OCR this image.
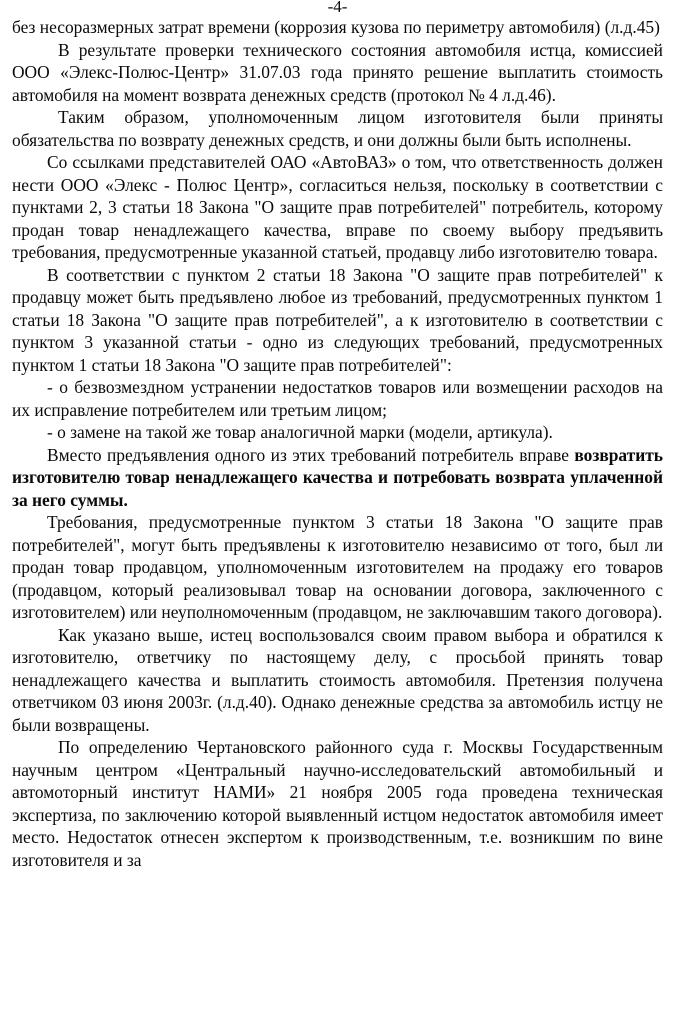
-4-

без несоразмерных затрат времени (коррозия кузова по периметру автомобиля) (л.д.45)

В результате проверки технического состояния автомобиля истца, комиссией ООО «Элекс-Полюс-Центр» 31.07.03 года принято решение выплатить стоимость автомобиля на момент возврата денежных средств (протокол № 4 л.д.46).

Таким образом, уполномоченным лицом изготовителя были приняты обязательства по возврату денежных средств, и они должны были быть исполнены.

Со ссылками представителей ОАО «АвтоВАЗ» о том, что ответственность должен нести ООО «Элекс - Полюс Центр», согласиться нельзя, поскольку в соответствии с пунктами 2, 3 статьи 18 Закона "О защите прав потребителей" потребитель, которому продан товар ненадлежащего качества, вправе по своему выбору предъявить требования, предусмотренные указанной статьей, продавцу либо изготовителю товара.

В соответствии с пунктом 2 статьи 18 Закона "О защите прав потребителей" к продавцу может быть предъявлено любое из требований, предусмотренных пунктом 1 статьи 18 Закона "О защите прав потребителей", а к изготовителю в соответствии с пунктом 3 указанной статьи - одно из следующих требований, предусмотренных пунктом 1 статьи 18 Закона "О защите прав потребителей":

- о безвозмездном устранении недостатков товаров или возмещении расходов на их исправление потребителем или третьим лицом;

- о замене на такой же товар аналогичной марки (модели, артикула).

Вместо предъявления одного из этих требований потребитель вправе возвратить изготовителю товар ненадлежащего качества и потребовать возврата уплаченной за него суммы.

Требования, предусмотренные пунктом 3 статьи 18 Закона "О защите прав потребителей", могут быть предъявлены к изготовителю независимо от того, был ли продан товар продавцом, уполномоченным изготовителем на продажу его товаров (продавцом, который реализовывал товар на основании договора, заключенного с изготовителем) или неуполномоченным (продавцом, не заключавшим такого договора).

Как указано выше, истец воспользовался своим правом выбора и обратился к изготовителю, ответчику по настоящему делу, с просьбой принять товар ненадлежащего качества и выплатить стоимость автомобиля. Претензия получена ответчиком 03 июня 2003г. (л.д.40). Однако денежные средства за автомобиль истцу не были возвращены.

По определению Чертановского районного суда г. Москвы Государственным научным центром «Центральный научно-исследовательский автомобильный и автомоторный институт НАМИ» 21 ноября 2005 года проведена техническая экспертиза, по заключению которой выявленный истцом недостаток автомобиля имеет место. Недостаток отнесен экспертом к производственным, т.е. возникшим по вине изготовителя и за
